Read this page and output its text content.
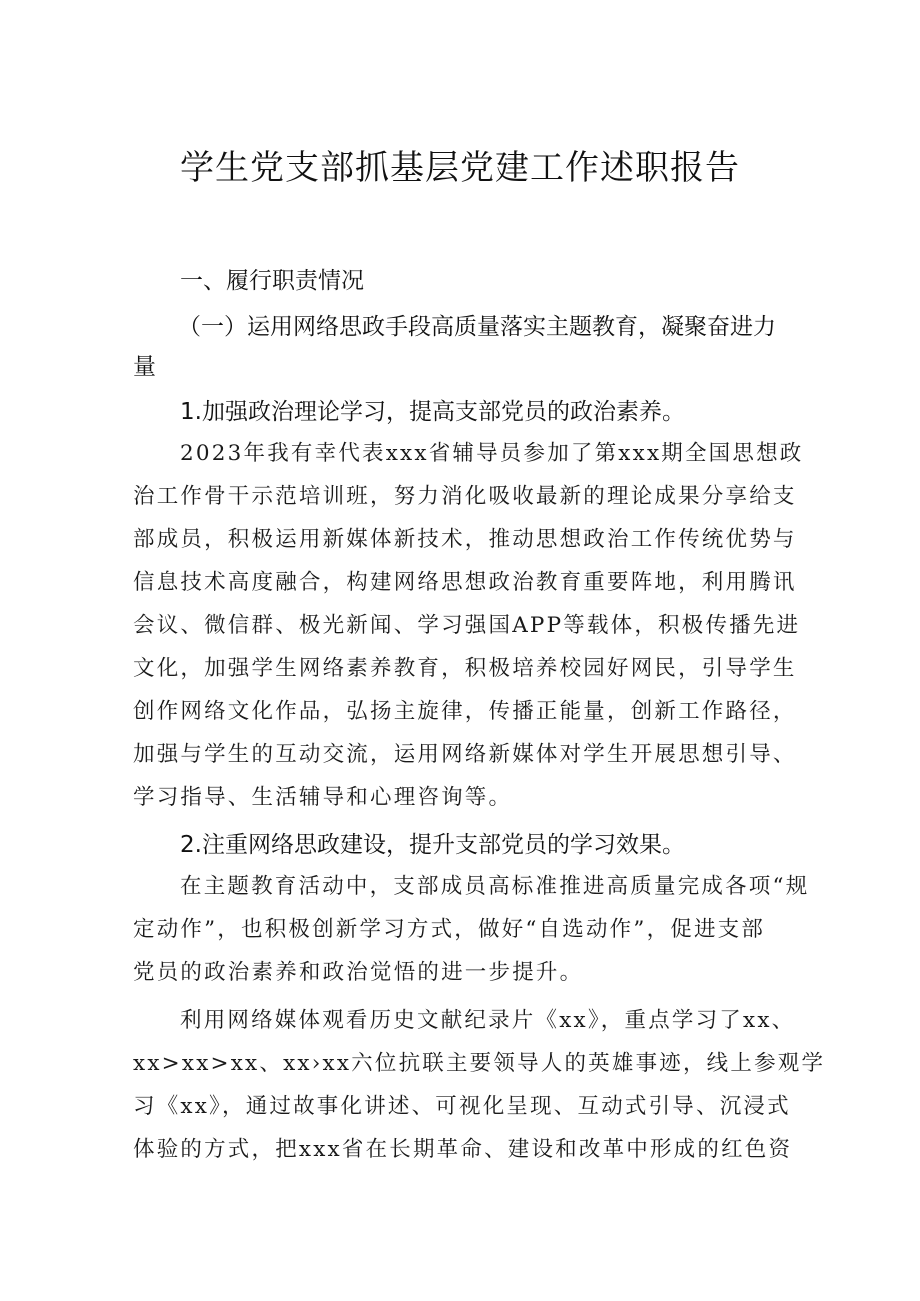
学生党支部抓基层党建工作述职报告

一、履行职责情况

（一）运用网络思政手段高质量落实主题教育，凝聚奋进力

量

1.加强政治理论学习，提高支部党员的政治素养。

2023年我有幸代表xxx省辅导员参加了第xxx期全国思想政

治工作骨干示范培训班，努力消化吸收最新的理论成果分享给支

部成员，积极运用新媒体新技术，推动思想政治工作传统优势与

信息技术高度融合，构建网络思想政治教育重要阵地，利用腾讯

会议、微信群、极光新闻、学习强国APP等载体，积极传播先进

文化，加强学生网络素养教育，积极培养校园好网民，引导学生

创作网络文化作品，弘扬主旋律，传播正能量，创新工作路径，

加强与学生的互动交流，运用网络新媒体对学生开展思想引导、

学习指导、生活辅导和心理咨询等。

2.注重网络思政建设，提升支部党员的学习效果。

在主题教育活动中，支部成员高标准推进高质量完成各项“规

定动作”，也积极创新学习方式，做好“自选动作”，促进支部

党员的政治素养和政治觉悟的进一步提升。

利用网络媒体观看历史文献纪录片《xx》，重点学习了xx、

xx>xx>xx、xx›xx六位抗联主要领导人的英雄事迹，线上参观学

习《xx》，通过故事化讲述、可视化呈现、互动式引导、沉浸式

体验的方式，把xxx省在长期革命、建设和改革中形成的红色资
